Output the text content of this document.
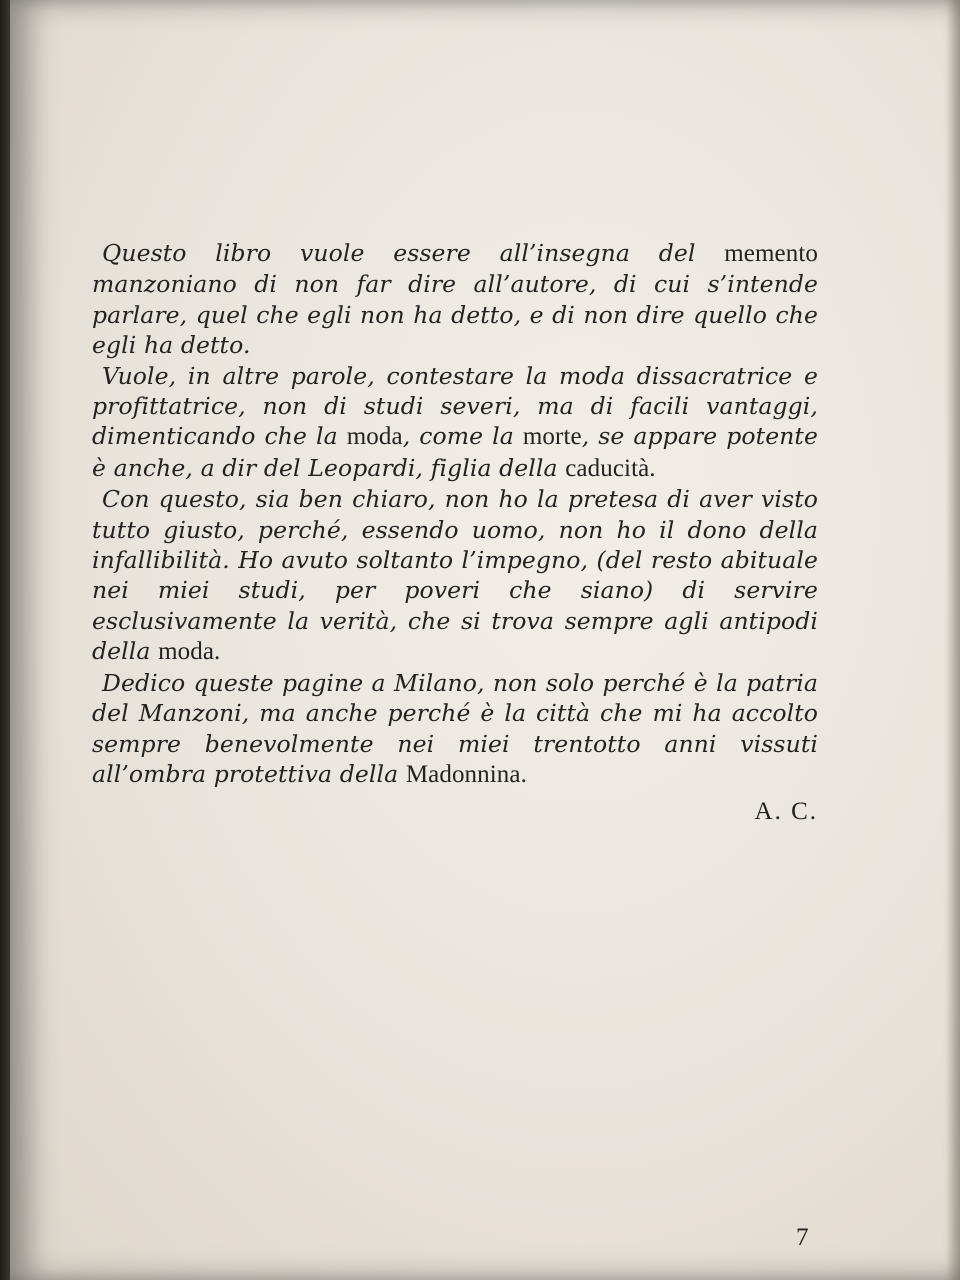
Questo libro vuole essere all’insegna del memento manzoniano di non far dire all’autore, di cui s’intende parlare, quel che egli non ha detto, e di non dire quello che egli ha detto.

Vuole, in altre parole, contestare la moda dissacratrice e profittatrice, non di studi severi, ma di facili vantaggi, dimenticando che la moda, come la morte, se appare potente è anche, a dir del Leopardi, figlia della caducità.

Con questo, sia ben chiaro, non ho la pretesa di aver visto tutto giusto, perché, essendo uomo, non ho il dono della infallibilità. Ho avuto soltanto l’impegno, (del resto abituale nei miei studi, per poveri che siano) di servire esclusivamente la verità, che si trova sempre agli antipodi della moda.

Dedico queste pagine a Milano, non solo perché è la patria del Manzoni, ma anche perché è la città che mi ha accolto sempre benevolmente nei miei trentotto anni vissuti all’ombra protettiva della Madonnina.

A. C.
7
